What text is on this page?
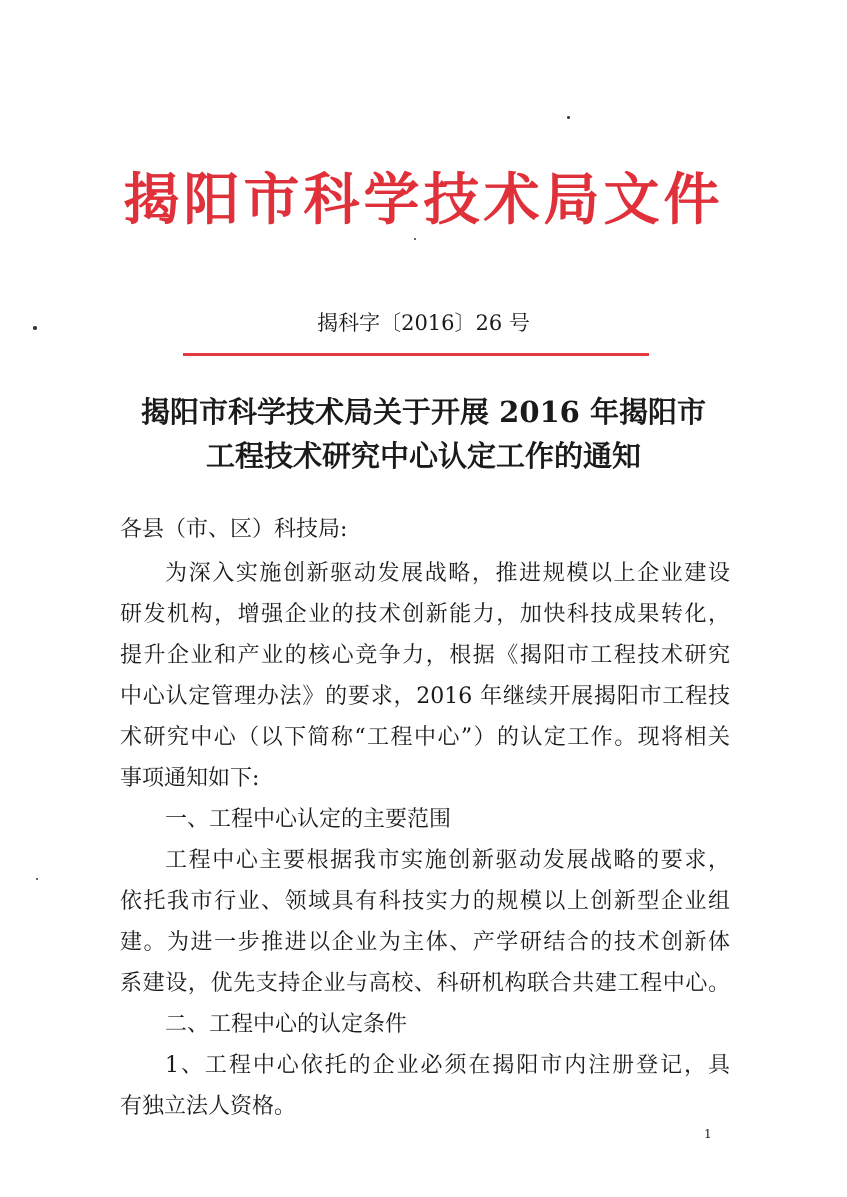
揭阳市科学技术局文件
揭科字〔2016〕26 号
揭阳市科学技术局关于开展 2016 年揭阳市
工程技术研究中心认定工作的通知
各县（市、区）科技局:
为深入实施创新驱动发展战略，推进规模以上企业建设
研发机构，增强企业的技术创新能力，加快科技成果转化，
提升企业和产业的核心竞争力，根据《揭阳市工程技术研究
中心认定管理办法》的要求，2016 年继续开展揭阳市工程技
术研究中心（以下简称“工程中心”）的认定工作。现将相关
事项通知如下:
一、工程中心认定的主要范围
工程中心主要根据我市实施创新驱动发展战略的要求，
依托我市行业、领域具有科技实力的规模以上创新型企业组
建。为进一步推进以企业为主体、产学研结合的技术创新体
系建设，优先支持企业与高校、科研机构联合共建工程中心。
二、工程中心的认定条件
1、工程中心依托的企业必须在揭阳市内注册登记，具
有独立法人资格。
1
